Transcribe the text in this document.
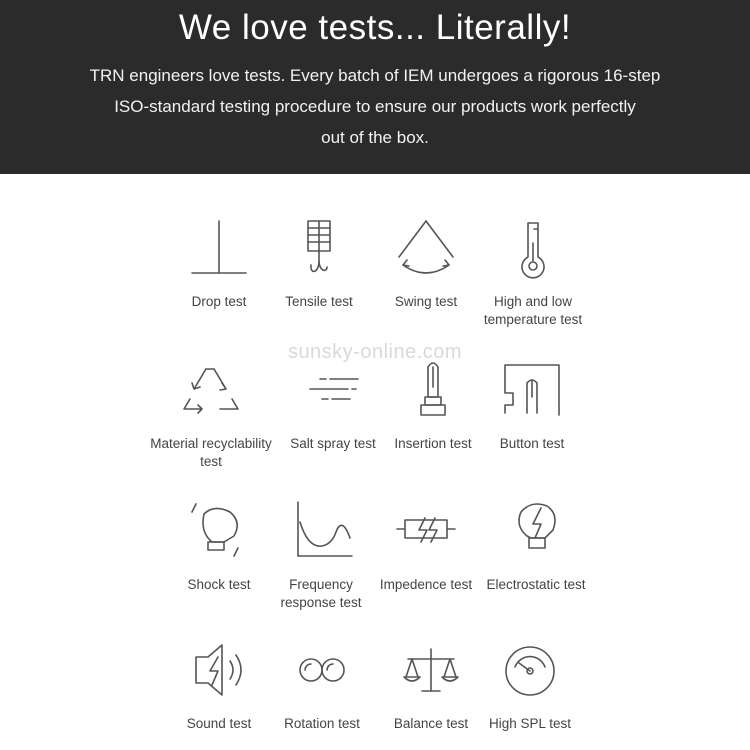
We love tests... Literally!
TRN engineers love tests. Every batch of IEM undergoes a rigorous 16-step
ISO-standard testing procedure to ensure our products work perfectly
out of the box.
sunsky-online.com
Drop test	Tensile test	Swing test	High and low temperature test
Material recyclability test
Salt spray test	Insertion test	Button test
Shock test	Frequency response test
Impedence test	Electrostatic test
Sound test	Rotation test	Balance test	High SPL test
